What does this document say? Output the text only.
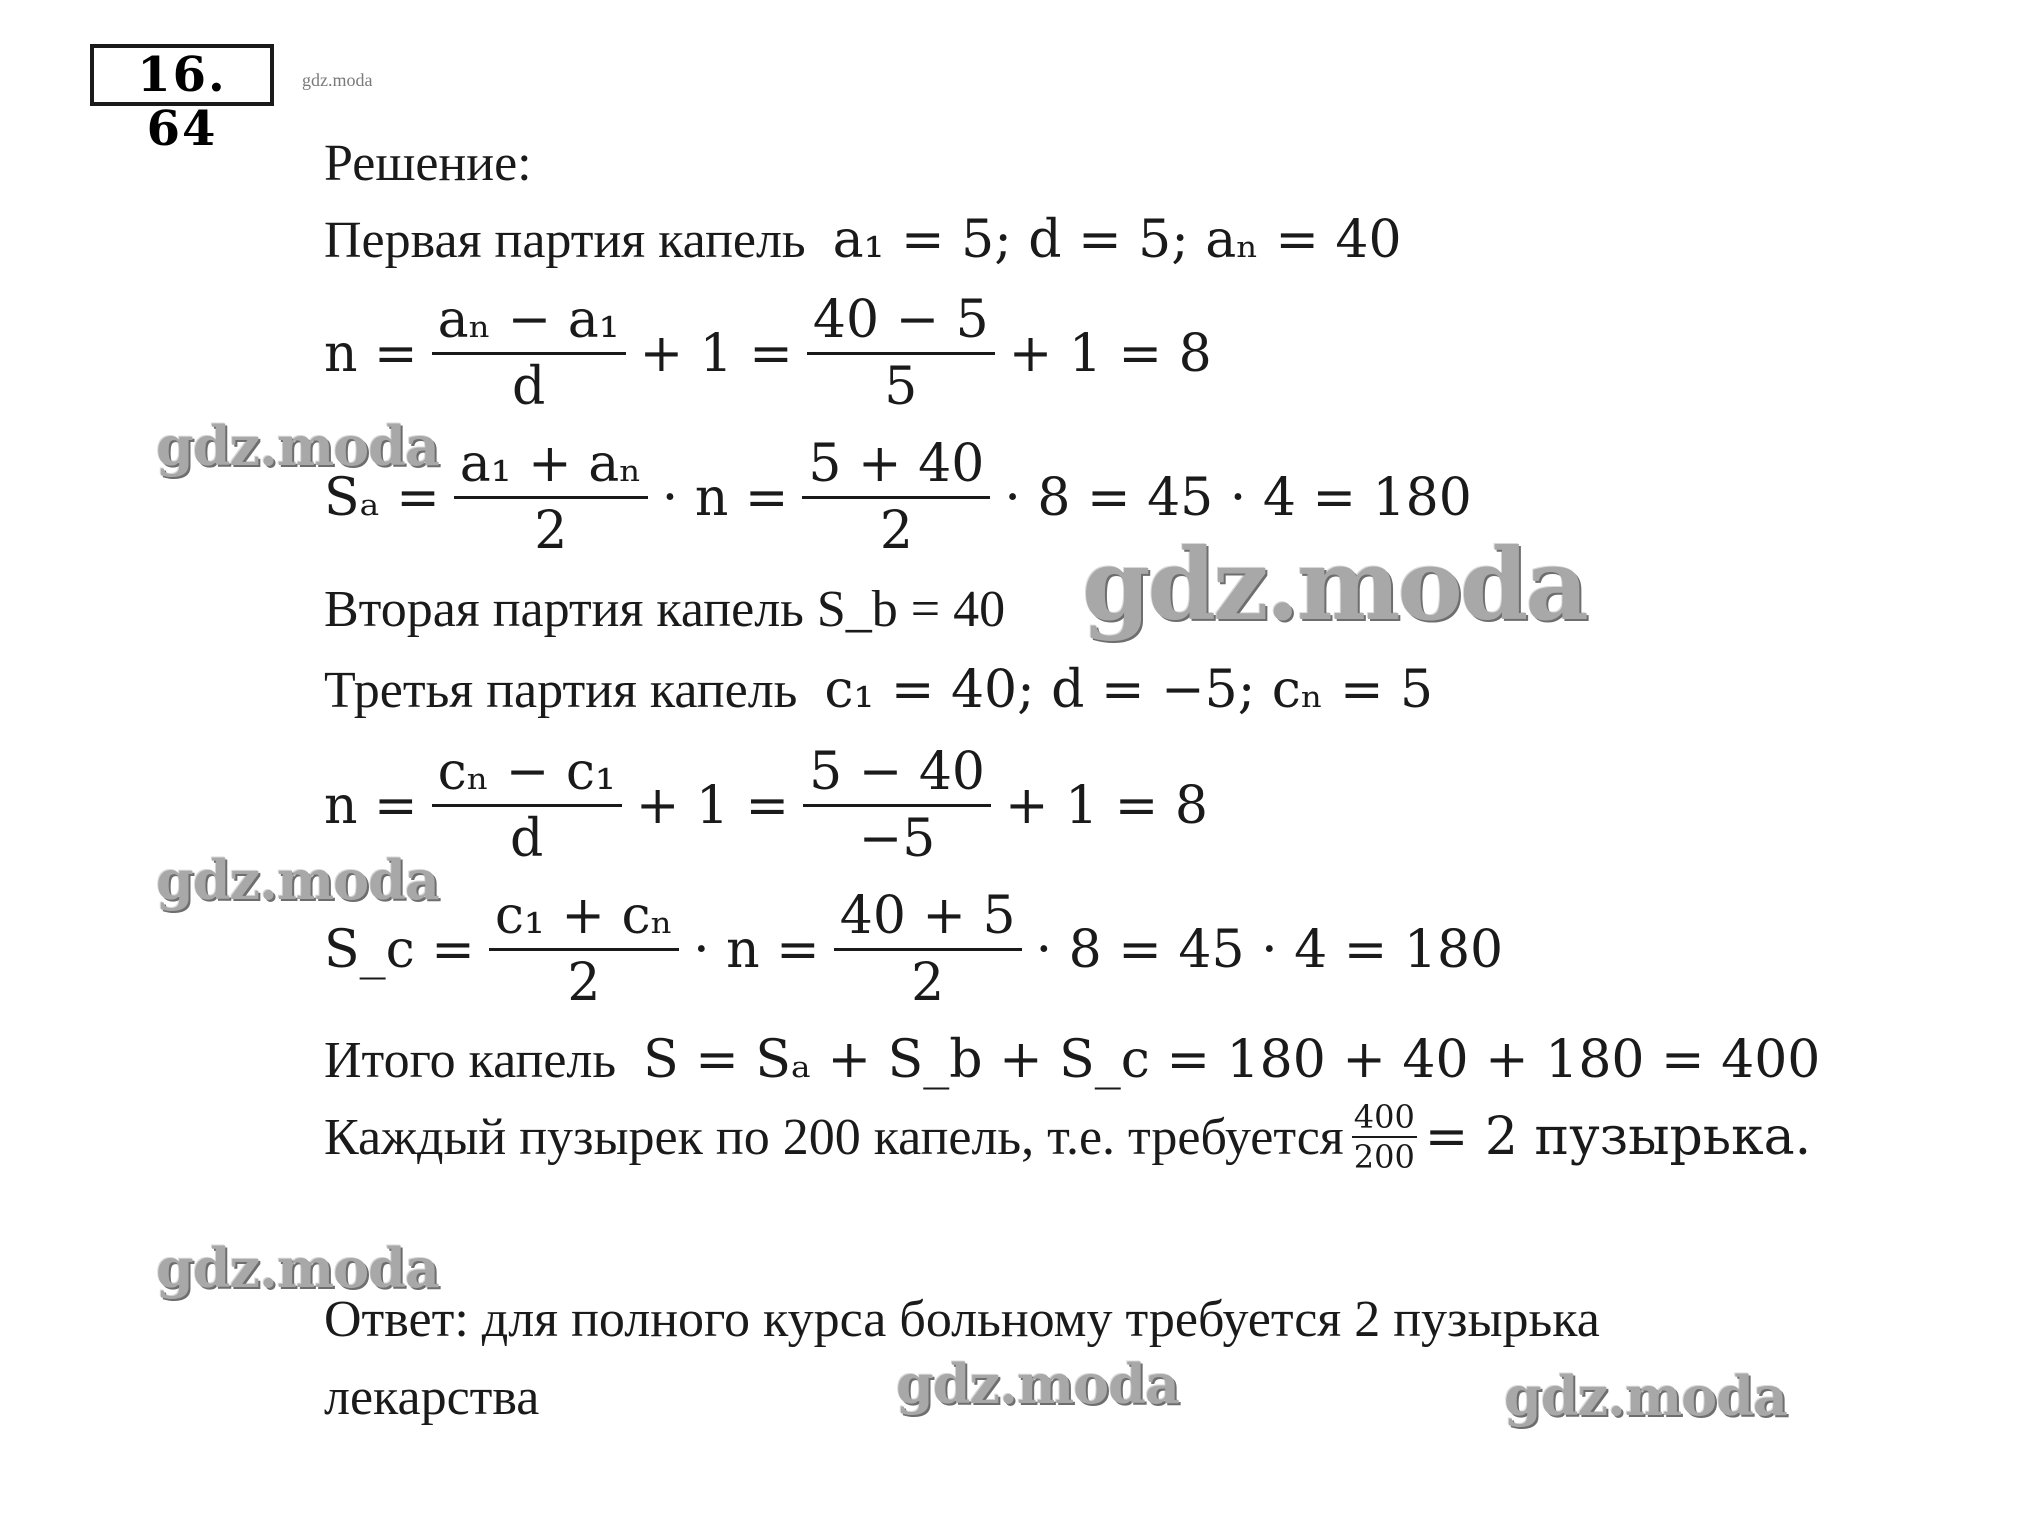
16. 64
gdz.moda
gdz.moda
gdz.moda
gdz.moda
gdz.moda
gdz.moda	gdz.moda
Решение:
Первая партия капель a₁ = 5; d = 5; aₙ = 40
$n = \frac{\text{aₙ − a₁}}{d} + 1 = \frac{40 - 5}{5} + 1 = 8$
$S_a = \frac{\text{a₁ + aₙ}}{2} \cdot n = \frac{5 + 40}{2} \cdot 8 = 45 \cdot 4 = 180$
Вторая партия капель S_b = 40
Третья партия капель c₁ = 40; d = −5; cₙ = 5
$n = \frac{\text{cₙ − c₁}}{d} + 1 = \frac{5 - 40}{-5} + 1 = 8$
S_c = $\frac{\text{c₁ + cₙ}}{2} \cdot n = \frac{40 + 5}{2} \cdot 8 = 45 \cdot 4 = 180$
Итого капель S = Sₐ + S_b + S_c = 180 + 40 + 180 = 400
Каждый пузырек по 200 капель, т.е. требуется $\frac{400}{200} = 2$ пузырька.
Ответ: для полного курса больному требуется 2 пузырька
лекарства
